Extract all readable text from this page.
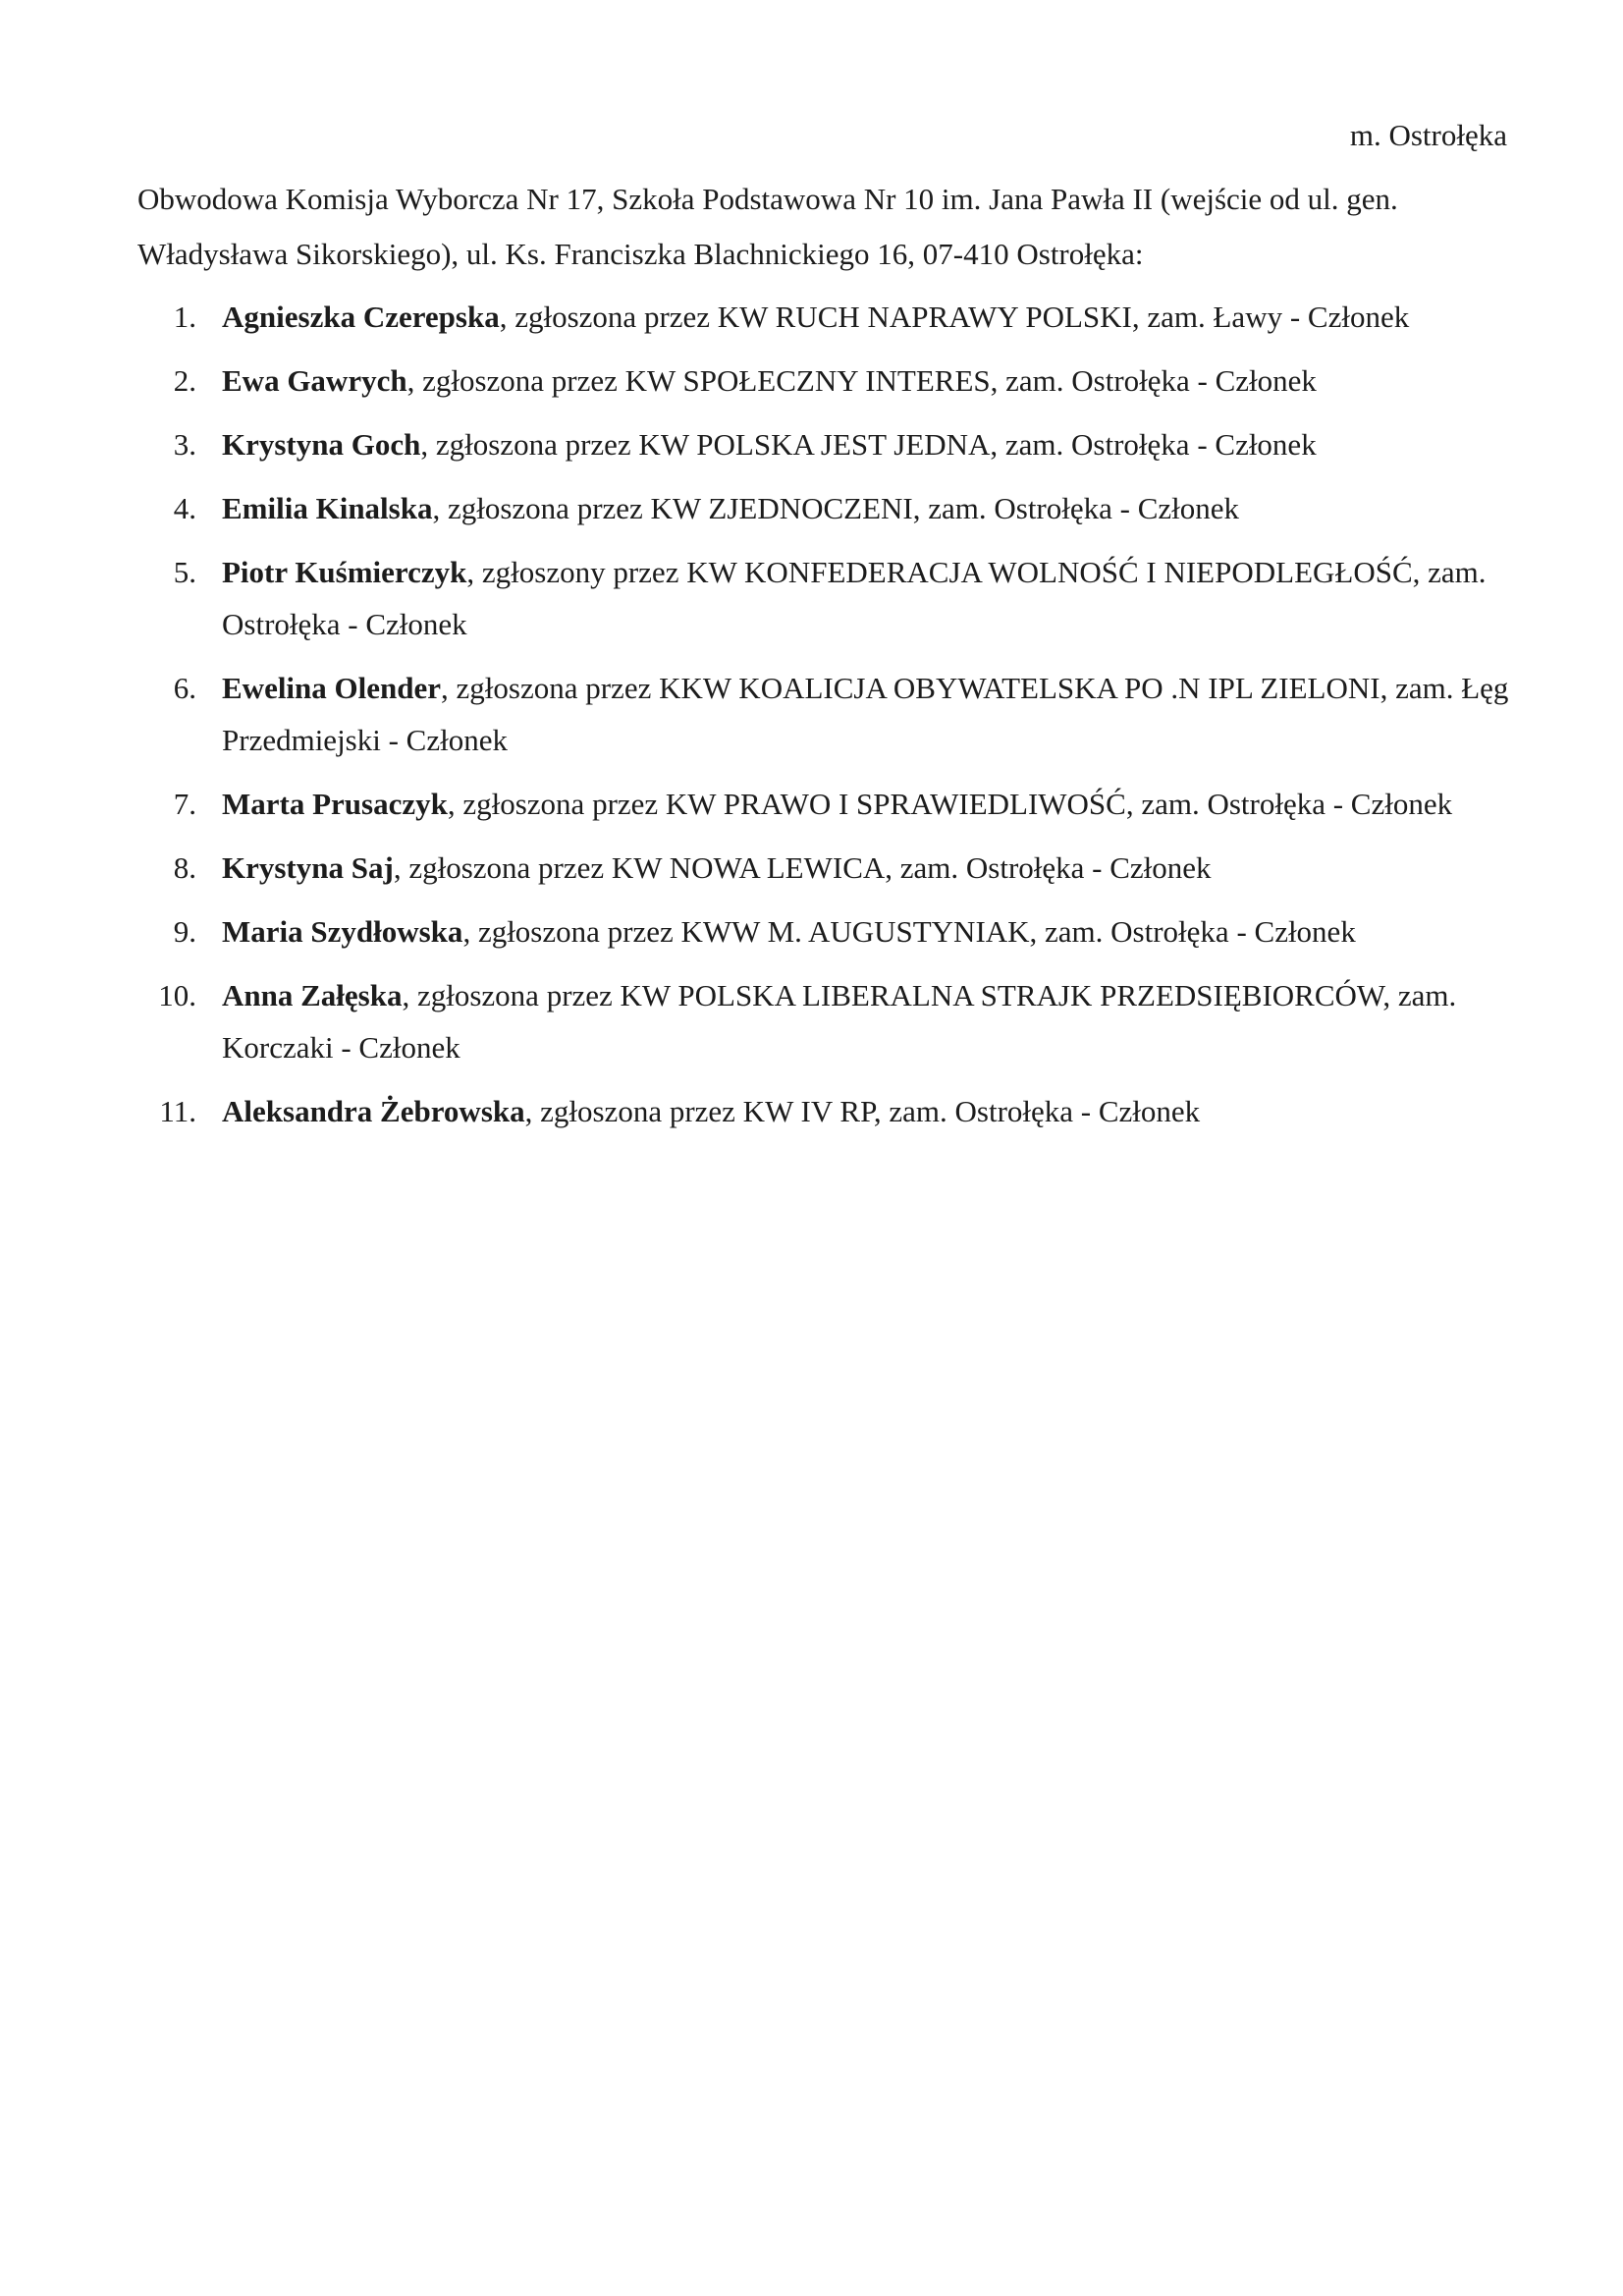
m. Ostrołęka

Obwodowa Komisja Wyborcza Nr 17, Szkoła Podstawowa Nr 10 im. Jana Pawła II (wejście od ul. gen. Władysława Sikorskiego), ul. Ks. Franciszka Blachnickiego 16, 07-410 Ostrołęka:

1. Agnieszka Czerepska, zgłoszona przez KW RUCH NAPRAWY POLSKI, zam. Ławy - Członek
2. Ewa Gawrych, zgłoszona przez KW SPOŁECZNY INTERES, zam. Ostrołęka - Członek
3. Krystyna Goch, zgłoszona przez KW POLSKA JEST JEDNA, zam. Ostrołęka - Członek
4. Emilia Kinalska, zgłoszona przez KW ZJEDNOCZENI, zam. Ostrołęka - Członek
5. Piotr Kuśmierczyk, zgłoszony przez KW KONFEDERACJA WOLNOŚĆ I NIEPODLEGŁOŚĆ, zam. Ostrołęka - Członek
6. Ewelina Olender, zgłoszona przez KKW KOALICJA OBYWATELSKA PO .N IPL ZIELONI, zam. Łęg Przedmiejski - Członek
7. Marta Prusaczyk, zgłoszona przez KW PRAWO I SPRAWIEDLIWOŚĆ, zam. Ostrołęka - Członek
8. Krystyna Saj, zgłoszona przez KW NOWA LEWICA, zam. Ostrołęka - Członek
9. Maria Szydłowska, zgłoszona przez KWW M. AUGUSTYNIAK, zam. Ostrołęka - Członek
10. Anna Załęska, zgłoszona przez KW POLSKA LIBERALNA STRAJK PRZEDSIĘBIORCÓW, zam. Korczaki - Członek
11. Aleksandra Żebrowska, zgłoszona przez KW IV RP, zam. Ostrołęka - Członek
